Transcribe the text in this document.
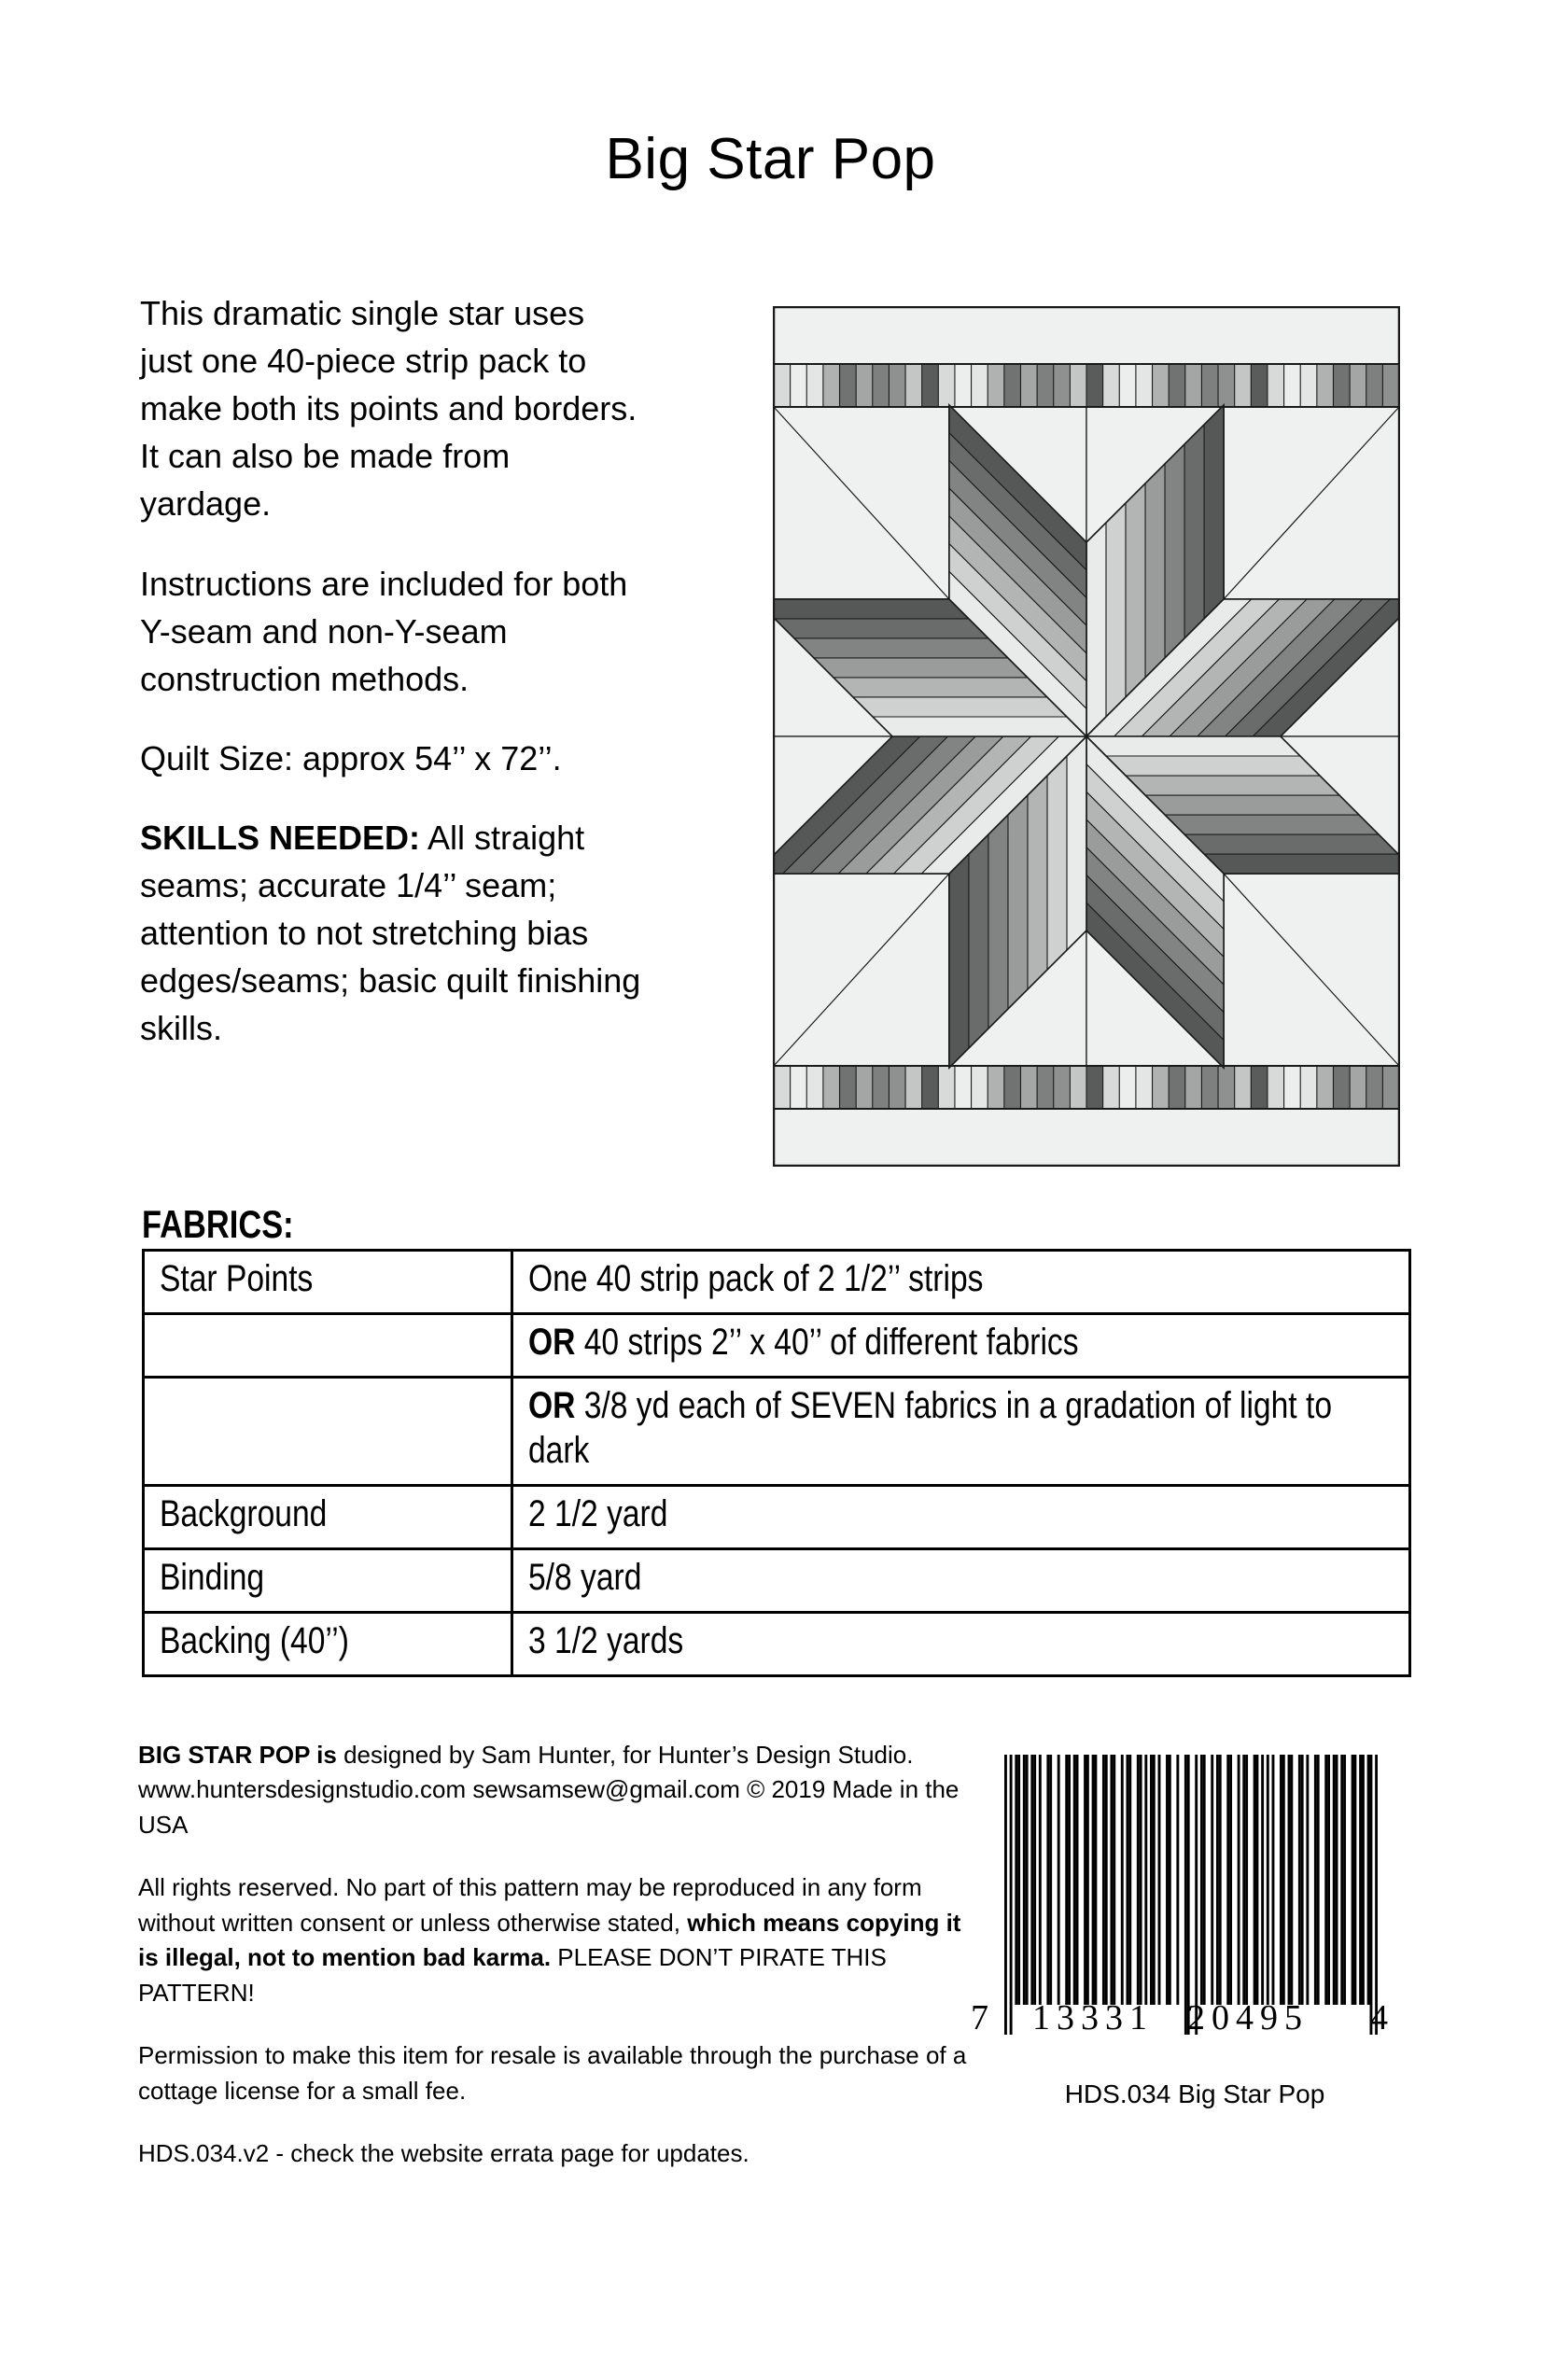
Big Star Pop

This dramatic single star uses just one 40-piece strip pack to make both its points and borders. It can also be made from yardage.

Instructions are included for both Y-seam and non-Y-seam construction methods.

Quilt Size: approx 54’’ x 72’’.

SKILLS NEEDED: All straight seams; accurate 1/4’’ seam; attention to not stretching bias edges/seams; basic quilt finishing skills.

FABRICS:
Star Points	One 40 strip pack of 2 1/2’’ strips

	OR 40 strips 2’’ x 40’’ of different fabrics

	OR 3/8 yd each of SEVEN fabrics in a gradation of light to dark

Background	2 1/2 yard

Binding	5/8 yard

Backing (40’’)	3 1/2 yards

BIG STAR POP is designed by Sam Hunter, for Hunter’s Design Studio. www.huntersdesignstudio.com sewsamsew@gmail.com © 2019 Made in the USA

All rights reserved. No part of this pattern may be reproduced in any form without written consent or unless otherwise stated, which means copying it is illegal, not to mention bad karma. PLEASE DON’T PIRATE THIS PATTERN!

Permission to make this item for resale is available through the purchase of a cottage license for a small fee.

HDS.034.v2 - check the website errata page for updates.

7 13331 20495 4
HDS.034 Big Star Pop
